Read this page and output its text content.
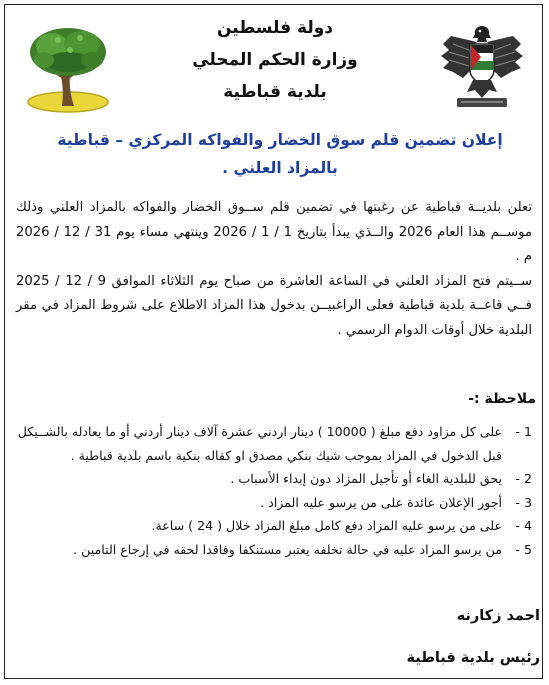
دولة فلسطين
وزارة الحكم المحلي
بلدية قباطية
إعلان تضمين قلم سوق الخضار والفواكه المركزي – قباطية
بالمزاد العلني .

تعلن بلديــة قباطية عن رغبتها في تضمين قلم ســوق الخضار والفواكه بالمزاد العلني وذلك موســم هذا العام 2026 والــذي يبدأ بتاريخ 1 / 1 / 2026 وينتهي مساء يوم 31 / 12 / 2026 م .

ســيتم فتح المزاد العلني في الساعة العاشرة من صباح يوم الثلاثاء الموافق 9 / 12 / 2025 فــي قاعــة بلدية قباطية فعلى الراغبيــن بدخول هذا المزاد الاطلاع على شروط المزاد في مقر البلدية خلال أوقات الدوام الرسمي .

ملاحظة :-
1 -
على كل مزاود دفع مبلغ ( 10000 ) دينار اردني عشرة آلاف دينار أردني أو ما يعادله بالشــيكل قبل الدخول في المزاد بموجب شيك بنكي مصدق او كفاله بنكية باسم بلدية قباطية .
2 -
يحق للبلدية الغاء أو تأجيل المزاد دون إبداء الأسباب .
3 -
أجور الإعلان عائدة على من يرسو عليه المزاد .
4 -
على من يرسو عليه المزاد دفع كامل مبلغ المزاد خلال ( 24 ) ساعة.
5 -
من يرسو المزاد عليه في حالة تخلفه يعتبر مستنكفا وفاقدا لحقه في إرجاع التامين .
احمد زكارنه
رئيس بلدية قباطية
